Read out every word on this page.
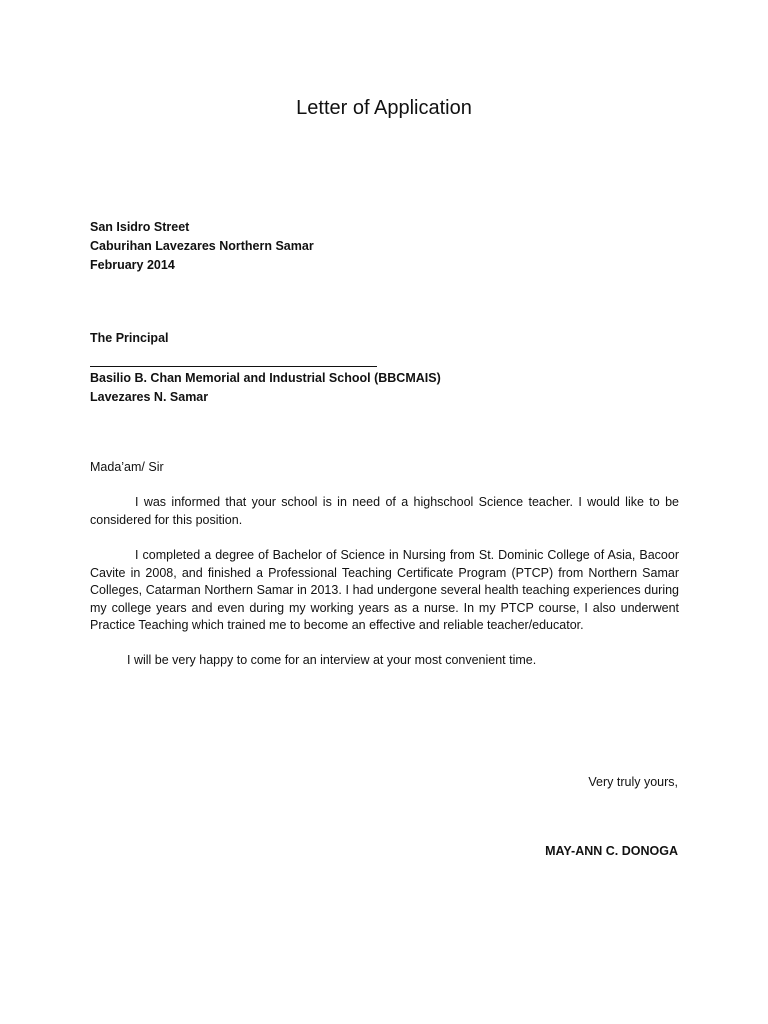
Letter of Application
San Isidro Street
Caburihan Lavezares Northern Samar
February 2014
The Principal
Basilio B. Chan Memorial and Industrial School (BBCMAIS)
Lavezares N. Samar
Mada’am/ Sir
I was informed that your school is in need of a highschool Science teacher. I would like to be considered for this position.
I completed a degree of Bachelor of Science in Nursing from St. Dominic College of Asia, Bacoor Cavite in 2008, and finished a Professional Teaching Certificate Program (PTCP) from Northern Samar Colleges, Catarman Northern Samar in 2013. I had undergone several health teaching experiences during my college years and even during my working years as a nurse. In my PTCP course, I also underwent Practice Teaching which trained me to become an effective and reliable teacher/educator.
I will be very happy to come for an interview at your most convenient time.
Very truly yours,
MAY-ANN C. DONOGA
